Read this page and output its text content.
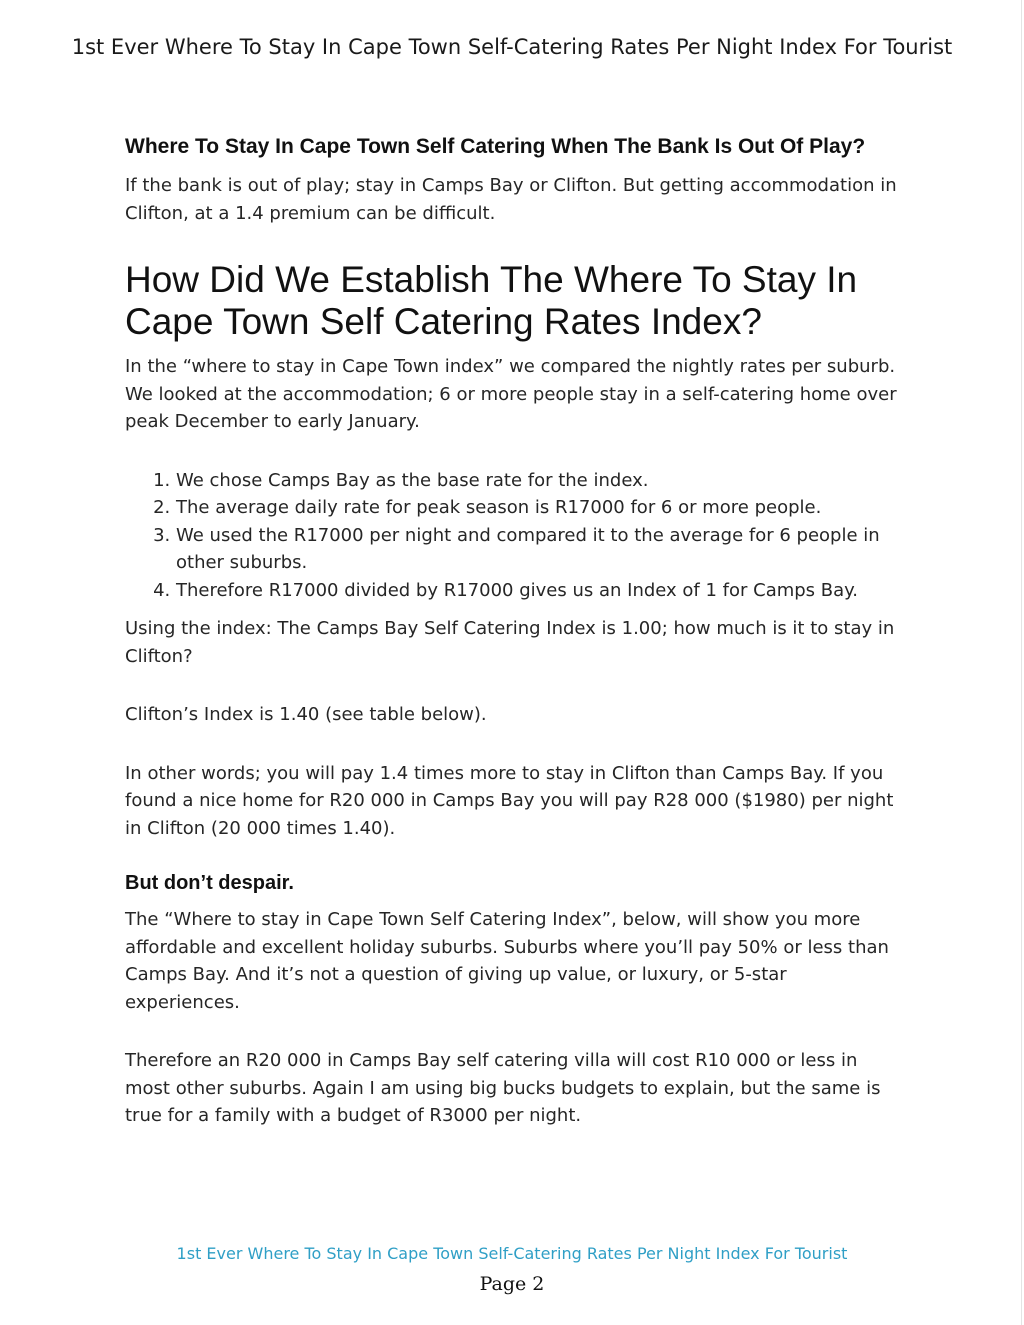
1st Ever Where To Stay In Cape Town Self-Catering Rates Per Night Index For Tourist
Where To Stay In Cape Town Self Catering When The Bank Is Out Of Play?

If the bank is out of play; stay in Camps Bay or Clifton. But getting accommodation in Clifton, at a 1.4 premium can be difficult.

How Did We Establish The Where To Stay In Cape Town Self Catering Rates Index?

In the “where to stay in Cape Town index” we compared the nightly rates per suburb. We looked at the accommodation; 6 or more people stay in a self-catering home over peak December to early January.

1. We chose Camps Bay as the base rate for the index.
2. The average daily rate for peak season is R17000 for 6 or more people.
3. We used the R17000 per night and compared it to the average for 6 people in other suburbs.
4. Therefore R17000 divided by R17000 gives us an Index of 1 for Camps Bay.

Using the index: The Camps Bay Self Catering Index is 1.00; how much is it to stay in Clifton?

Clifton’s Index is 1.40 (see table below).

In other words; you will pay 1.4 times more to stay in Clifton than Camps Bay. If you found a nice home for R20 000 in Camps Bay you will pay R28 000 ($1980) per night in Clifton (20 000 times 1.40).

But don’t despair.

The “Where to stay in Cape Town Self Catering Index”, below, will show you more affordable and excellent holiday suburbs. Suburbs where you’ll pay 50% or less than Camps Bay. And it’s not a question of giving up value, or luxury, or 5-star experiences.

Therefore an R20 000 in Camps Bay self catering villa will cost R10 000 or less in most other suburbs. Again I am using big bucks budgets to explain, but the same is true for a family with a budget of R3000 per night.

1st Ever Where To Stay In Cape Town Self-Catering Rates Per Night Index For Tourist
Page 2
